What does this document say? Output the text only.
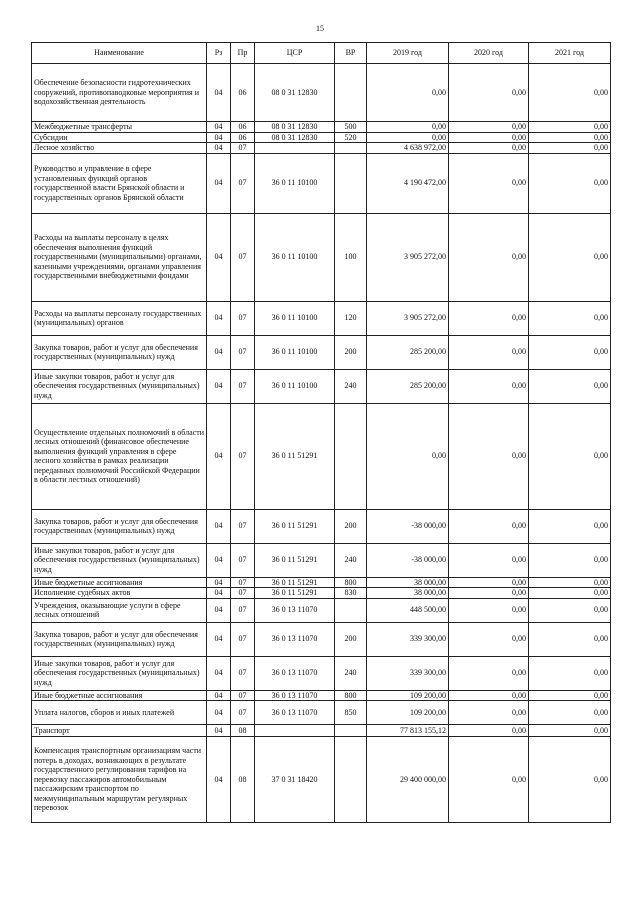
15
Наименование	Рз	Пр	ЦСР	ВР	2019 год	2020 год	2021 год
Обеспечение безопасности гидротехнических сооружений, противопаводковые мероприятия и водохозяйственная деятельность	04	06	08 0 31 12830		0,00	0,00	0,00
Межбюджетные трансферты	04	06	08 0 31 12830	500	0,00	0,00	0,00
Субсидии	04	06	08 0 31 12830	520	0,00	0,00	0,00
Лесное хозяйство	04	07			4 638 972,00	0,00	0,00
Руководство и управление в сфере установленных функций органов государственной власти Брянской области и государственных органов Брянской области	04	07	36 0 11 10100		4 190 472,00	0,00	0,00
Расходы на выплаты персоналу в целях обеспечения выполнения функций государственными (муниципальными) органами, казенными учреждениями, органами управления государственными внебюджетными фондами	04	07	36 0 11 10100	100	3 905 272,00	0,00	0,00
Расходы на выплаты персоналу государственных (муниципальных) органов	04	07	36 0 11 10100	120	3 905 272,00	0,00	0,00
Закупка товаров, работ и услуг для обеспечения государственных (муниципальных) нужд	04	07	36 0 11 10100	200	285 200,00	0,00	0,00
Иные закупки товаров, работ и услуг для обеспечения государственных (муниципальных) нужд	04	07	36 0 11 10100	240	285 200,00	0,00	0,00
Осуществление отдельных полномочий в области лесных отношений (финансовое обеспечение выполнения функций управления в сфере лесного хозяйства в рамках реализации переданных полномочий Российской Федерации в области лестных отношений)	04	07	36 0 11 51291		0,00	0,00	0,00
Закупка товаров, работ и услуг для обеспечения государственных (муниципальных) нужд	04	07	36 0 11 51291	200	-38 000,00	0,00	0,00
Иные закупки товаров, работ и услуг для обеспечения государственных (муниципальных) нужд	04	07	36 0 11 51291	240	-38 000,00	0,00	0,00
Иные бюджетные ассигнования	04	07	36 0 11 51291	800	38 000,00	0,00	0,00
Исполнение судебных актов	04	07	36 0 11 51291	830	38 000,00	0,00	0,00
Учреждения, оказывающие услуги в сфере лесных отношений	04	07	36 0 13 11070		448 500,00	0,00	0,00
Закупка товаров, работ и услуг для обеспечения государственных (муниципальных) нужд	04	07	36 0 13 11070	200	339 300,00	0,00	0,00
Иные закупки товаров, работ и услуг для обеспечения государственных (муниципальных) нужд	04	07	36 0 13 11070	240	339 300,00	0,00	0,00
Иные бюджетные ассигнования	04	07	36 0 13 11070	800	109 200,00	0,00	0,00
Уплата налогов, сборов и иных платежей	04	07	36 0 13 11070	850	109 200,00	0,00	0,00
Транспорт	04	08			77 813 155,12	0,00	0,00
Компенсация транспортным организациям части потерь в доходах, возникающих в результате государственного регулирования тарифов на перевозку пассажиров автомобильным пассажирским транспортом по межмуниципальным маршрутам регулярных перевозок	04	08	37 0 31 18420		29 400 000,00	0,00	0,00
